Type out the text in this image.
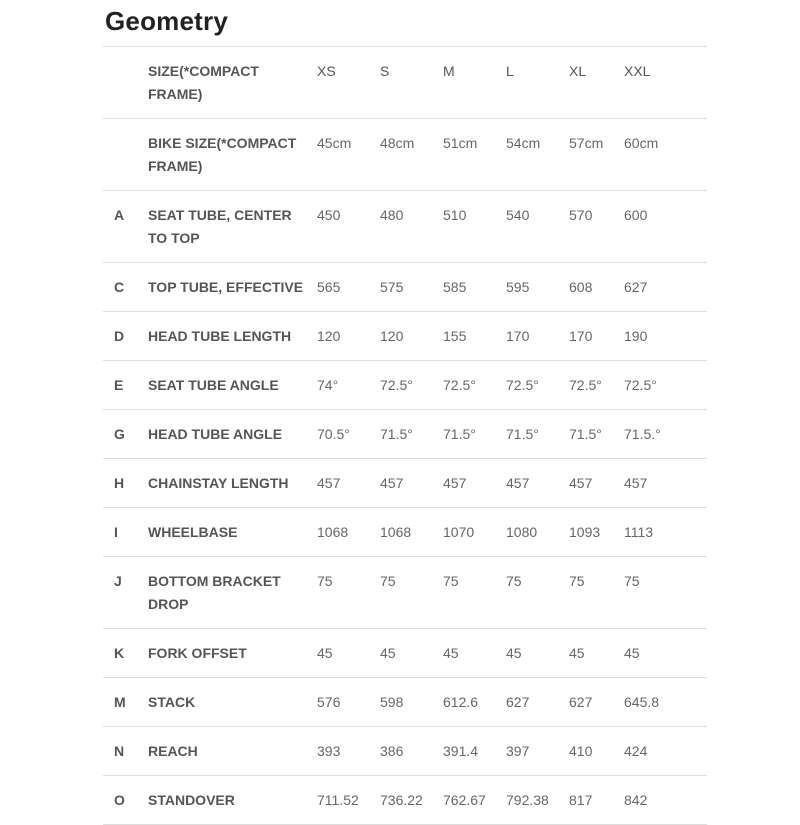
Geometry
	SIZE(*COMPACT FRAME)	XS	S	M	L	XL	XXL
	BIKE SIZE(*COMPACT FRAME)	45cm	48cm	51cm	54cm	57cm	60cm
A	SEAT TUBE, CENTER TO TOP	450	480	510	540	570	600
C	TOP TUBE, EFFECTIVE	565	575	585	595	608	627
D	HEAD TUBE LENGTH	120	120	155	170	170	190
E	SEAT TUBE ANGLE	74°	72.5°	72.5°	72.5°	72.5°	72.5°
G	HEAD TUBE ANGLE	70.5°	71.5°	71.5°	71.5°	71.5°	71.5.°
H	CHAINSTAY LENGTH	457	457	457	457	457	457
I	WHEELBASE	1068	1068	1070	1080	1093	1113
J	BOTTOM BRACKET DROP	75	75	75	75	75	75
K	FORK OFFSET	45	45	45	45	45	45
M	STACK	576	598	612.6	627	627	645.8
N	REACH	393	386	391.4	397	410	424
O	STANDOVER	711.52	736.22	762.67	792.38	817	842
